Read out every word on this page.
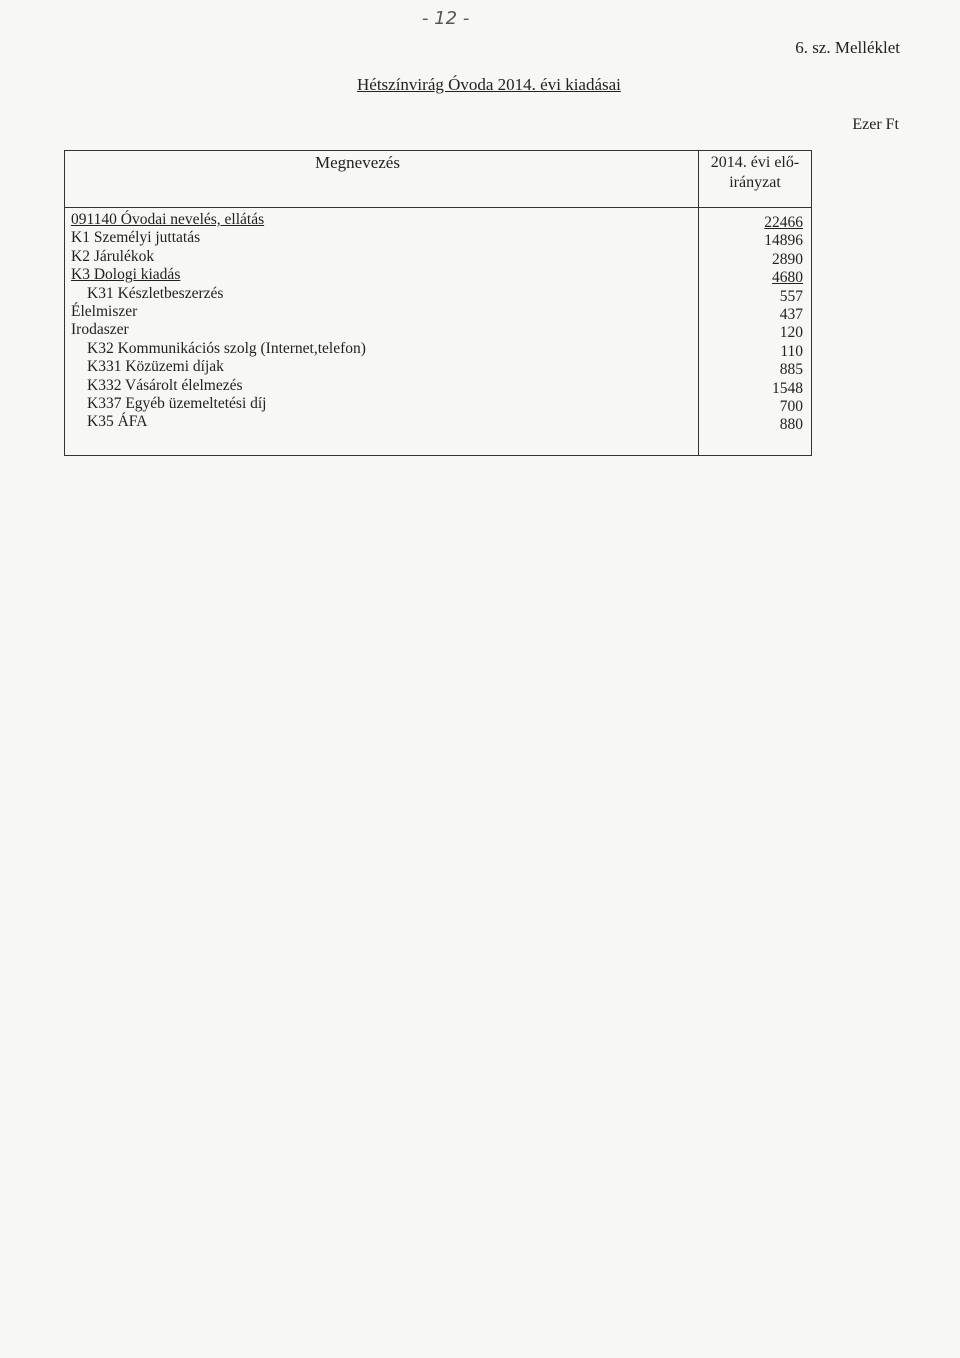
- 12 -
6. sz. Melléklet
Hétszínvirág Óvoda 2014. évi kiadásai
Ezer Ft
Megnevezés	2014. évi elő-irányzat
091140 Óvodai nevelés, ellátás	22466
K1 Személyi juttatás	14896
K2 Járulékok	2890
K3 Dologi kiadás	4680
K31 Készletbeszerzés	557
Élelmiszer	437
Irodaszer	120
K32 Kommunikációs szolg (Internet,telefon)	110
K331 Közüzemi díjak	885
K332 Vásárolt élelmezés	1548
K337 Egyéb üzemeltetési díj	700
K35 ÁFA	880
